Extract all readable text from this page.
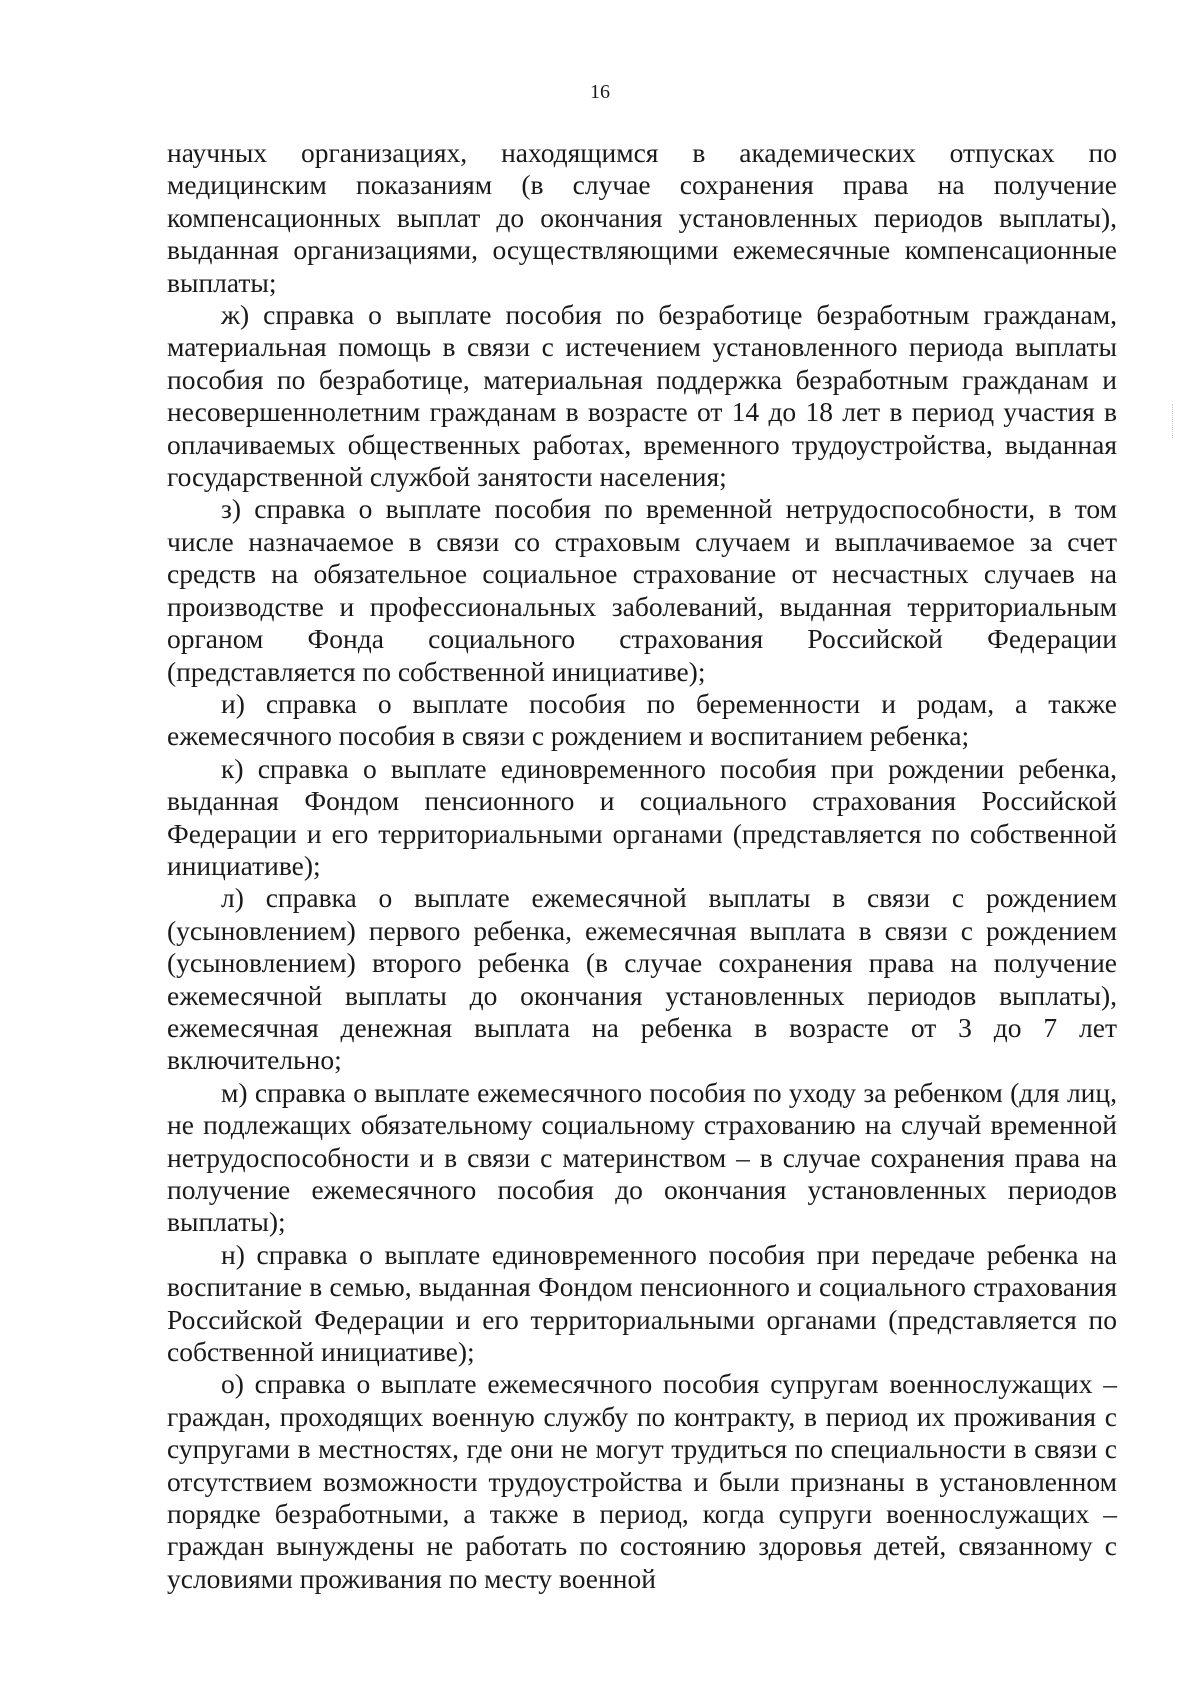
16

научных организациях, находящимся в академических отпусках по медицинским показаниям (в случае сохранения права на получение компенсационных выплат до окончания установленных периодов выплаты), выданная организациями, осуществляющими ежемесячные компенсационные выплаты;

ж) справка о выплате пособия по безработице безработным гражданам, материальная помощь в связи с истечением установленного периода выплаты пособия по безработице, материальная поддержка безработным гражданам и несовершеннолетним гражданам в возрасте от 14 до 18 лет в период участия в оплачиваемых общественных работах, временного трудоустройства, выданная государственной службой занятости населения;

з) справка о выплате пособия по временной нетрудоспособности, в том числе назначаемое в связи со страховым случаем и выплачиваемое за счет средств на обязательное социальное страхование от несчастных случаев на производстве и профессиональных заболеваний, выданная территориальным органом Фонда социального страхования Российской Федерации (представляется по собственной инициативе);

и) справка о выплате пособия по беременности и родам, а также ежемесячного пособия в связи с рождением и воспитанием ребенка;

к) справка о выплате единовременного пособия при рождении ребенка, выданная Фондом пенсионного и социального страхования Российской Федерации и его территориальными органами (представляется по собственной инициативе);

л) справка о выплате ежемесячной выплаты в связи с рождением (усыновлением) первого ребенка, ежемесячная выплата в связи с рождением (усыновлением) второго ребенка (в случае сохранения права на получение ежемесячной выплаты до окончания установленных периодов выплаты), ежемесячная денежная выплата на ребенка в возрасте от 3 до 7 лет включительно;

м) справка о выплате ежемесячного пособия по уходу за ребенком (для лиц, не подлежащих обязательному социальному страхованию на случай временной нетрудоспособности и в связи с материнством – в случае сохранения права на получение ежемесячного пособия до окончания установленных периодов выплаты);

н) справка о выплате единовременного пособия при передаче ребенка на воспитание в семью, выданная Фондом пенсионного и социального страхования Российской Федерации и его территориальными органами (представляется по собственной инициативе);

о) справка о выплате ежемесячного пособия супругам военнослужащих – граждан, проходящих военную службу по контракту, в период их проживания с супругами в местностях, где они не могут трудиться по специальности в связи с отсутствием возможности трудоустройства и были признаны в установленном порядке безработными, а также в период, когда супруги военнослужащих – граждан вынуждены не работать по состоянию здоровья детей, связанному с условиями проживания по месту военной
